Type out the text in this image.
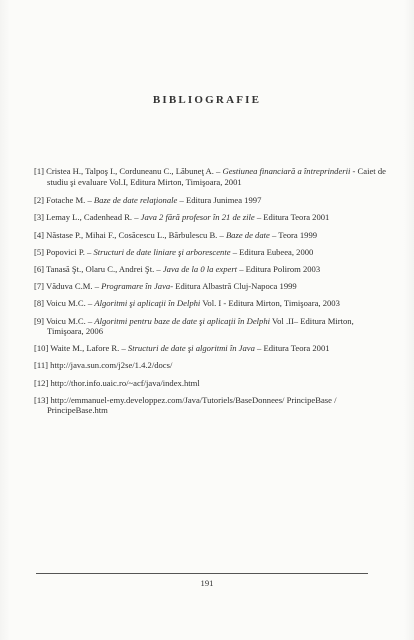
BIBLIOGRAFIE

[1] Cristea H., Talpoş I., Corduneanu C., Lăbuneţ A. – Gestiunea financiară a întreprinderii - Caiet de studiu şi evaluare Vol.I, Editura Mirton, Timişoara, 2001

[2] Fotache M. – Baze de date relaţionale – Editura Junimea 1997

[3] Lemay L., Cadenhead R. – Java 2 fără profesor în 21 de zile – Editura Teora 2001

[4] Năstase P., Mihai F., Cosăcescu L., Bărbulescu B. – Baze de date – Teora 1999

[5] Popovici P. – Structuri de date liniare şi arborescente – Editura Eubeea, 2000

[6] Tanasă Şt., Olaru C., Andrei Şt. – Java de la 0 la expert – Editura Polirom 2003

[7] Văduva C.M. – Programare în Java- Editura Albastră Cluj-Napoca 1999

[8] Voicu M.C. – Algoritmi şi aplicaţii în Delphi Vol. I - Editura Mirton, Timişoara, 2003

[9] Voicu M.C. – Algoritmi pentru baze de date şi aplicaţii în Delphi Vol .II– Editura Mirton, Timişoara, 2006

[10] Waite M., Lafore R. – Structuri de date şi algoritmi în Java – Editura Teora 2001

[11] http://java.sun.com/j2se/1.4.2/docs/

[12] http://thor.info.uaic.ro/~acf/java/index.html

[13] http://emmanuel-emy.developpez.com/Java/Tutoriels/BaseDonnees/ PrincipeBase / PrincipeBase.htm

191
